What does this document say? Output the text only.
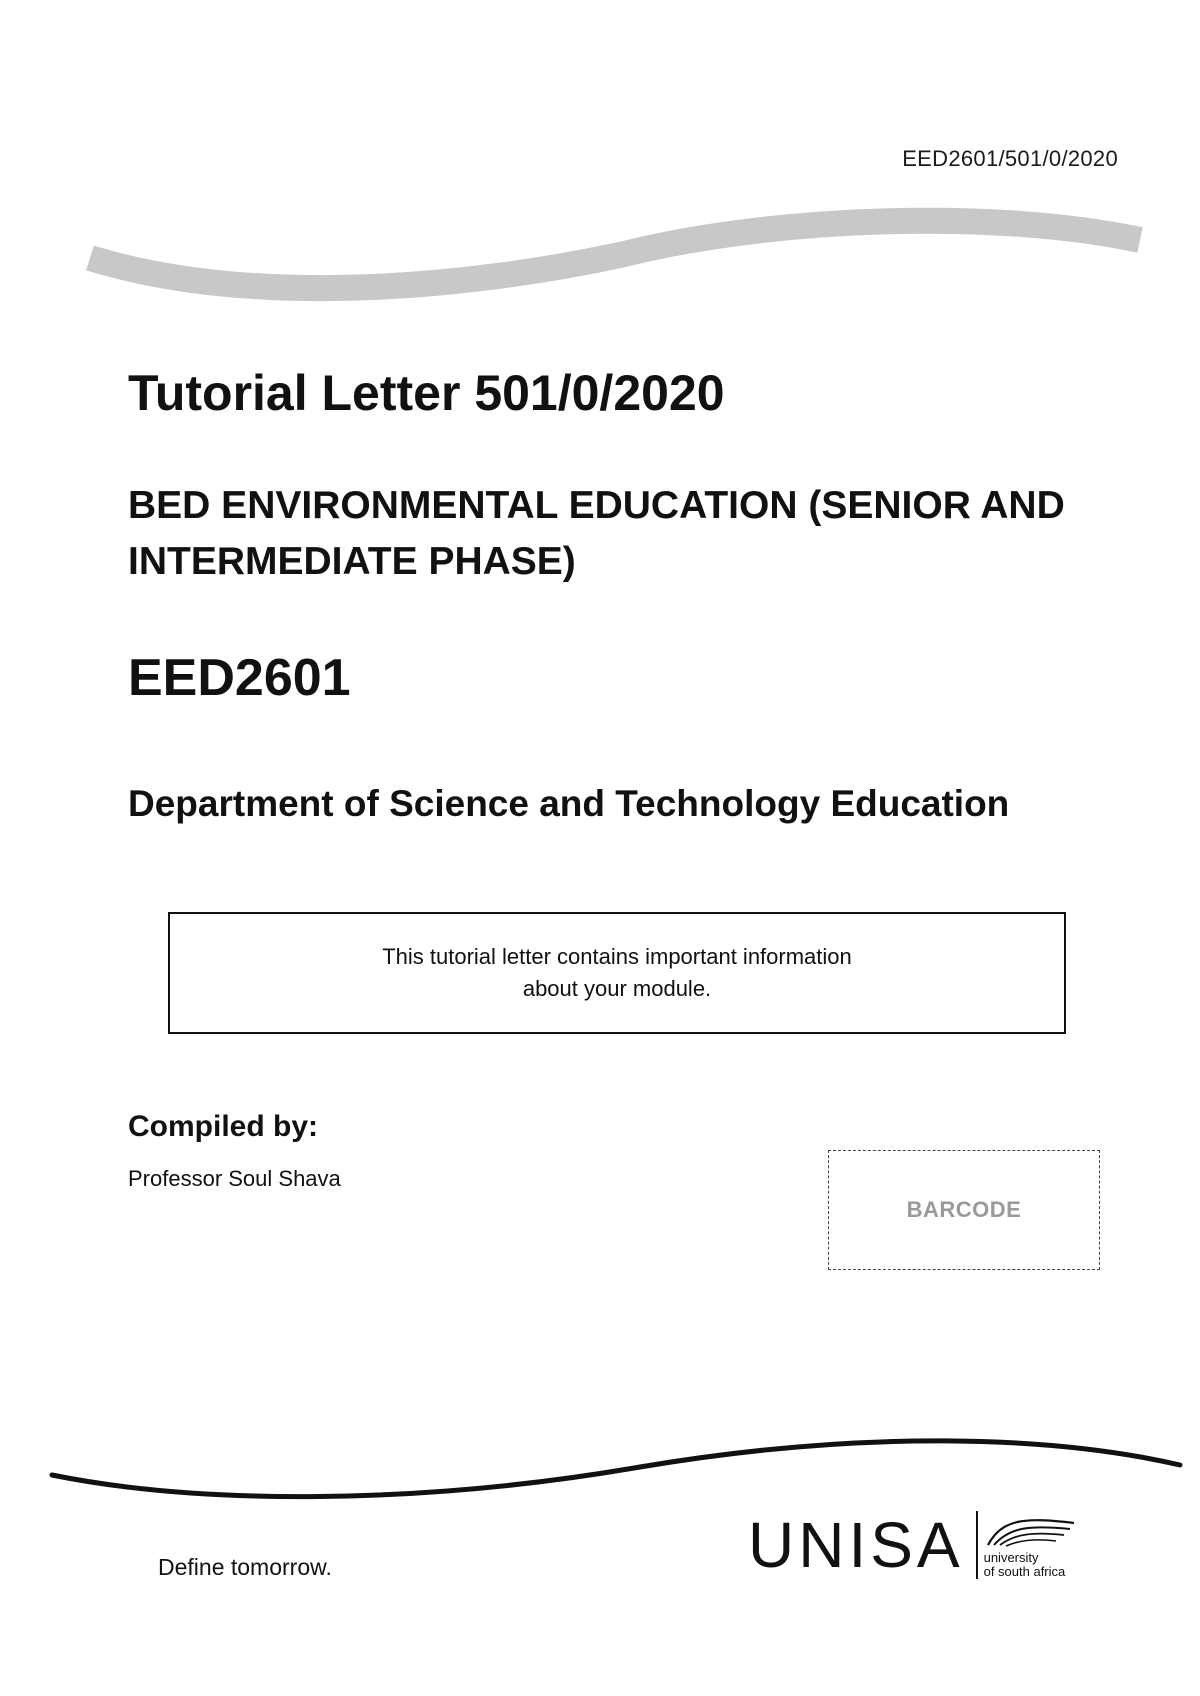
EED2601/501/0/2020
Tutorial Letter 501/0/2020
BED ENVIRONMENTAL EDUCATION (SENIOR AND INTERMEDIATE PHASE)
EED2601
Department of Science and Technology Education
This tutorial letter contains important information
about your module.
Compiled by:
Professor Soul Shava
BARCODE
Define tomorrow.	UNISA university
of south africa
